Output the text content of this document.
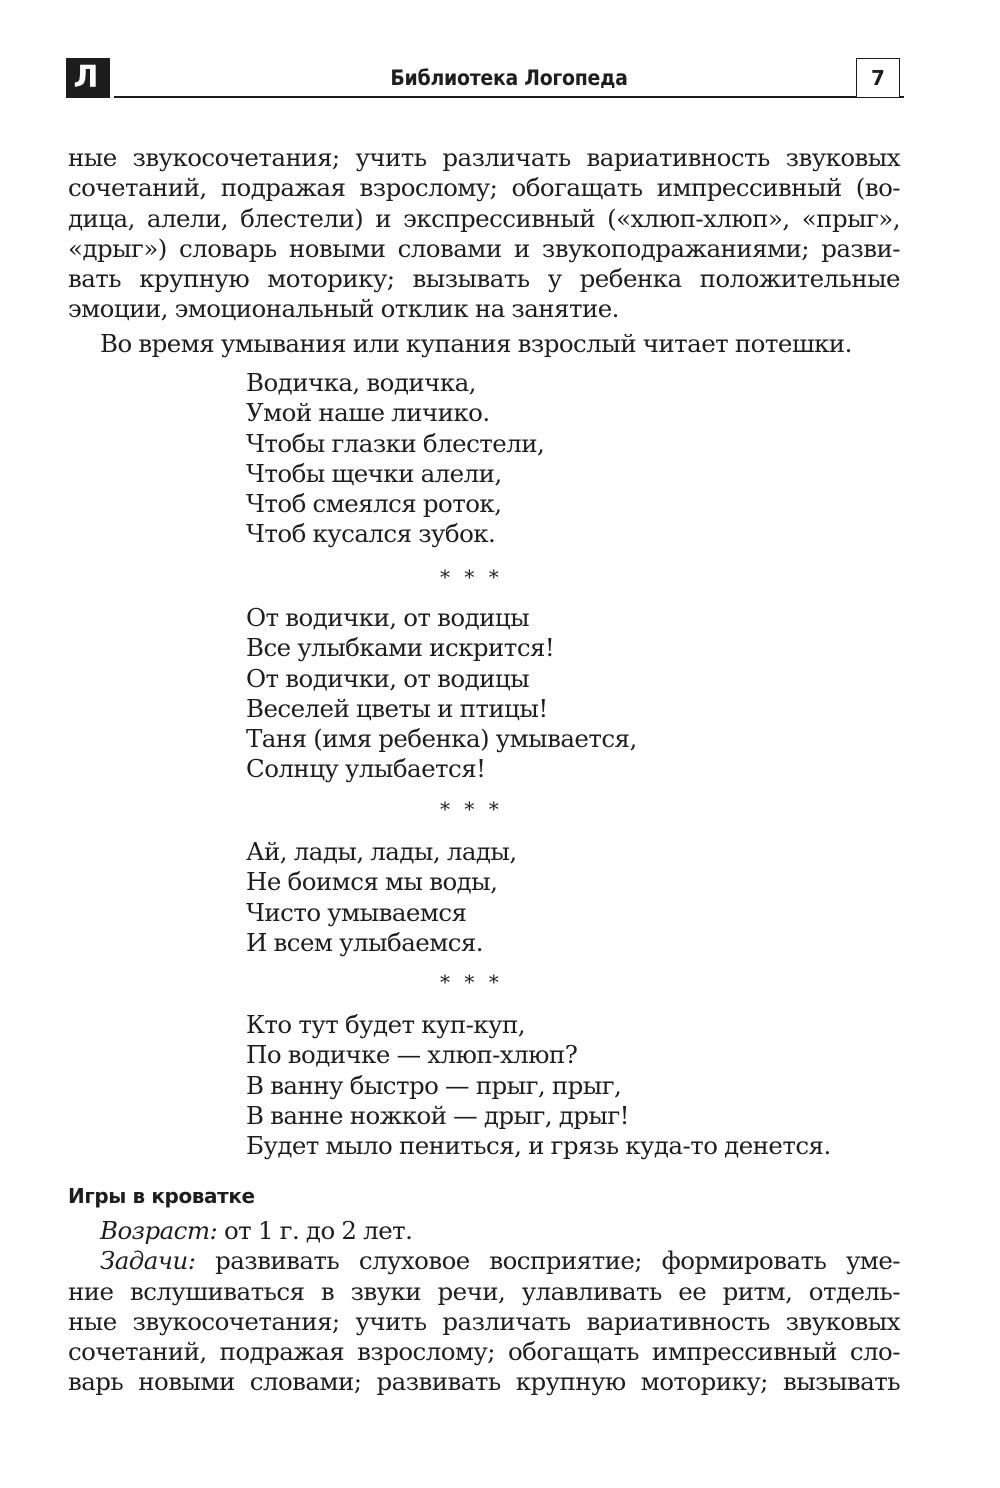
Л	Библиотека Логопеда	7
ные звукосочетания; учить различать вариативность звуковых
сочетаний, подражая взрослому; обогащать импрессивный (во-
дица, алели, блестели) и экспрессивный («хлюп-хлюп», «прыг»,
«дрыг») словарь новыми словами и звукоподражаниями; разви-
вать крупную моторику; вызывать у ребенка положительные
эмоции, эмоциональный отклик на занятие.
Во время умывания или купания взрослый читает потешки.
Водичка, водичка,
Умой наше личико.
Чтобы глазки блестели,
Чтобы щечки алели,
Чтоб смеялся роток,
Чтоб кусался зубок.
* * *
От водички, от водицы
Все улыбками искрится!
От водички, от водицы
Веселей цветы и птицы!
Таня (имя ребенка) умывается,
Солнцу улыбается!
* * *
Ай, лады, лады, лады,
Не боимся мы воды,
Чисто умываемся
И всем улыбаемся.
* * *
Кто тут будет куп-куп,
По водичке — хлюп-хлюп?
В ванну быстро — прыг, прыг,
В ванне ножкой — дрыг, дрыг!
Будет мыло пениться, и грязь куда-то денется.
Игры в кроватке
Возраст: от 1 г. до 2 лет.
Задачи: развивать слуховое восприятие; формировать уме-
ние вслушиваться в звуки речи, улавливать ее ритм, отдель-
ные звукосочетания; учить различать вариативность звуковых
сочетаний, подражая взрослому; обогащать импрессивный сло-
варь новыми словами; развивать крупную моторику; вызывать
